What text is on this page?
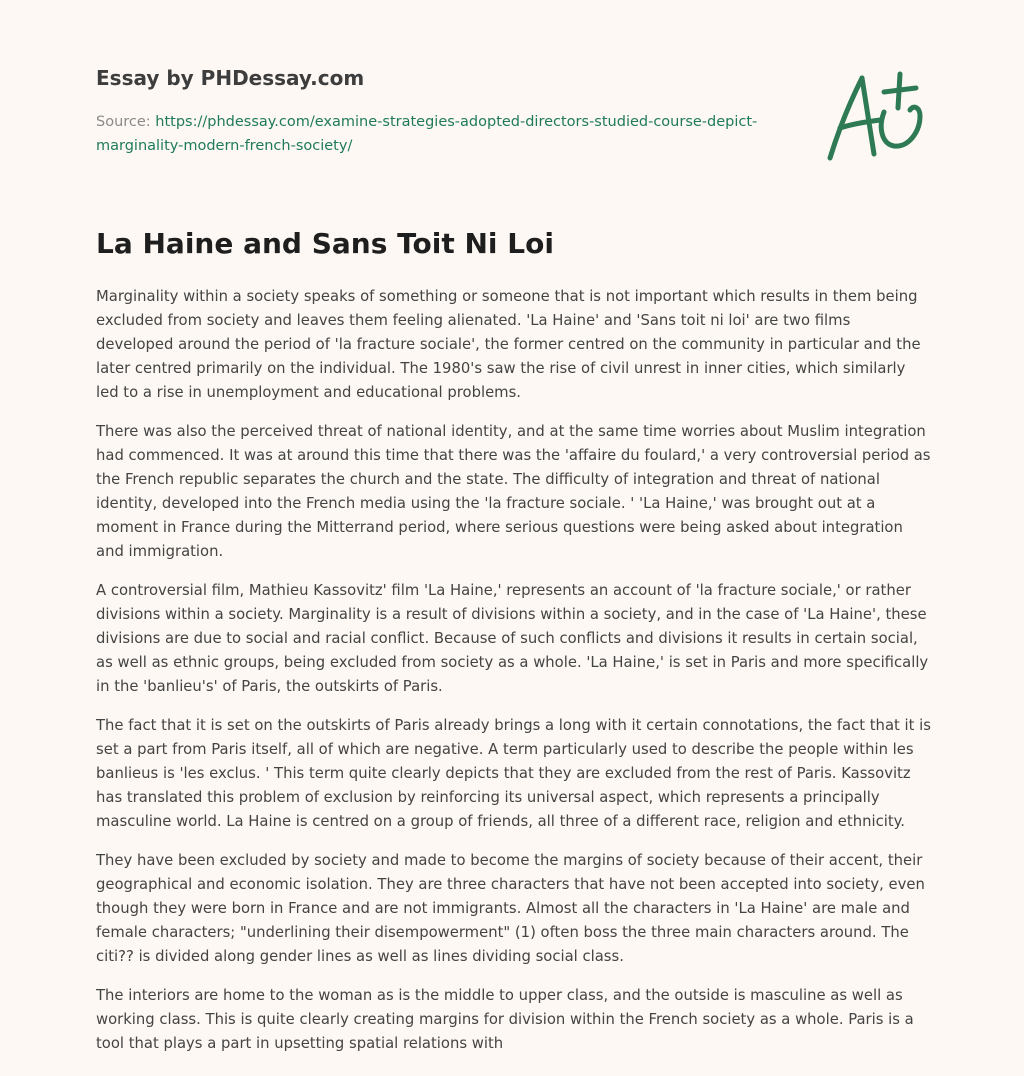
Essay by PHDessay.com
Source: https://phdessay.com/examine-strategies-adopted-directors-studied-course-depict-marginality-modern-french-society/
La Haine and Sans Toit Ni Loi

Marginality within a society speaks of something or someone that is not important which results in them being excluded from society and leaves them feeling alienated. 'La Haine' and 'Sans toit ni loi' are two films developed around the period of 'la fracture sociale', the former centred on the community in particular and the later centred primarily on the individual. The 1980's saw the rise of civil unrest in inner cities, which similarly led to a rise in unemployment and educational problems.

There was also the perceived threat of national identity, and at the same time worries about Muslim integration had commenced. It was at around this time that there was the 'affaire du foulard,' a very controversial period as the French republic separates the church and the state. The difficulty of integration and threat of national identity, developed into the French media using the 'la fracture sociale. ' 'La Haine,' was brought out at a moment in France during the Mitterrand period, where serious questions were being asked about integration and immigration.

A controversial film, Mathieu Kassovitz' film 'La Haine,' represents an account of 'la fracture sociale,' or rather divisions within a society. Marginality is a result of divisions within a society, and in the case of 'La Haine', these divisions are due to social and racial conflict. Because of such conflicts and divisions it results in certain social, as well as ethnic groups, being excluded from society as a whole. 'La Haine,' is set in Paris and more specifically in the 'banlieu's' of Paris, the outskirts of Paris.

The fact that it is set on the outskirts of Paris already brings a long with it certain connotations, the fact that it is set a part from Paris itself, all of which are negative. A term particularly used to describe the people within les banlieus is 'les exclus. ' This term quite clearly depicts that they are excluded from the rest of Paris. Kassovitz has translated this problem of exclusion by reinforcing its universal aspect, which represents a principally masculine world. La Haine is centred on a group of friends, all three of a different race, religion and ethnicity.

They have been excluded by society and made to become the margins of society because of their accent, their geographical and economic isolation. They are three characters that have not been accepted into society, even though they were born in France and are not immigrants. Almost all the characters in 'La Haine' are male and female characters; "underlining their disempowerment" (1) often boss the three main characters around. The citi?? is divided along gender lines as well as lines dividing social class.

The interiors are home to the woman as is the middle to upper class, and the outside is masculine as well as working class. This is quite clearly creating margins for division within the French society as a whole. Paris is a tool that plays a part in upsetting spatial relations with
